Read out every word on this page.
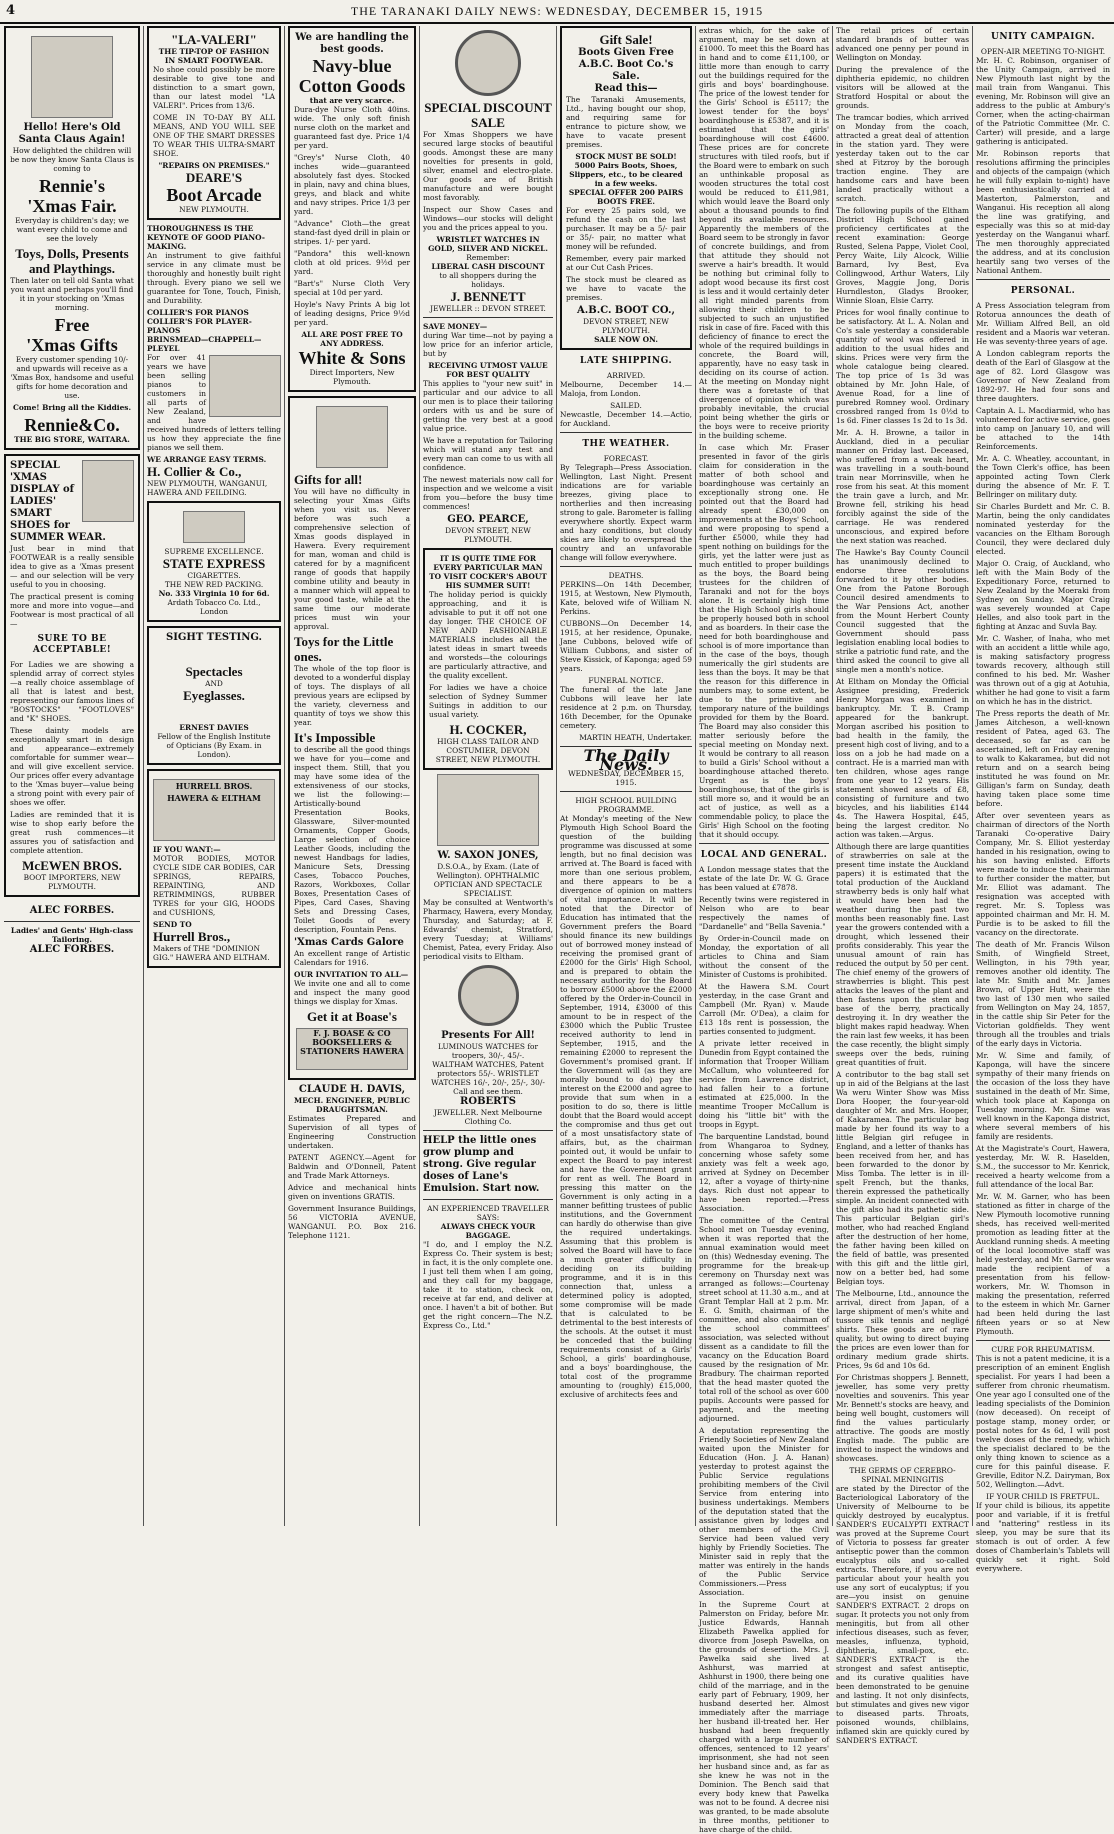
4	THE TARANAKI DAILY NEWS: WEDNESDAY, DECEMBER 15, 1915
Hello! Here's Old Santa Claus Again!

How delighted the children will be now they know Santa Claus is coming to

Rennie's
'Xmas Fair.

Everyday is children's day; we want every child to come and see the lovely

Toys, Dolls, Presents and Playthings.

Then later on tell old Santa what you want and perhaps you'll find it in your stocking on 'Xmas morning.

Free
'Xmas Gifts

Every customer spending 10/- and upwards will receive as a 'Xmas Box, handsome and useful gifts for home decoration and use.

Come! Bring all the Kiddies.

Rennie&Co.
THE BIG STORE, WAITARA.
SPECIAL 'XMAS DISPLAY of LADIES' SMART SHOES for SUMMER WEAR.

Just bear in mind that FOOTWEAR is a really sensible idea to give as a 'Xmas present — and our selection will be very useful to you in choosing.

The practical present is coming more and more into vogue—and Footwear is most practical of all—

SURE TO BE ACCEPTABLE!

For Ladies we are showing a splendid array of correct styles—a really choice assemblage of all that is latest and best, representing our famous lines of "BOSTOCKS" "FOOTLOVES" and "K" SHOES.

These dainty models are exceptionally smart in design and appearance—extremely comfortable for summer wear—and will give excellent service. Our prices offer every advantage to the 'Xmas buyer—value being a strong point with every pair of shoes we offer.

Ladies are reminded that it is wise to shop early before the great rush commences—it assures you of satisfaction and complete attention.

McEWEN BROS.
BOOT IMPORTERS, NEW PLYMOUTH.
ALEC FORBES.
Ladies' and Gents' High-class Tailoring.
ALEC FORBES.
"LA-VALERI"
THE TIP-TOP OF FASHION IN SMART FOOTWEAR.

No shoe could possibly be more desirable to give tone and distinction to a smart gown, than our latest model "LA VALERI". Prices from 13/6.

COME IN TO-DAY BY ALL MEANS, AND YOU WILL SEE ONE OF THE SMART DRESSES TO WEAR THIS ULTRA-SMART SHOE.

"REPAIRS ON PREMISES."
DEARE'S
Boot Arcade
NEW PLYMOUTH.
THOROUGHNESS IS THE KEYNOTE OF GOOD PIANO-MAKING.

An instrument to give faithful service in any climate must be thoroughly and honestly built right through. Every piano we sell we guarantee for Tone, Touch, Finish, and Durability.

COLLIER'S FOR PIANOS
COLLIER'S FOR PLAYER-PIANOS
BRINSMEAD—CHAPPELL—PLEYEL

For over 41 years we have been selling pianos to customers in all parts of New Zealand, and have received hundreds of letters telling us how they appreciate the fine pianos we sell them.

WE ARRANGE EASY TERMS.
H. Collier & Co.,
NEW PLYMOUTH, WANGANUI, HAWERA AND FEILDING.
SUPREME EXCELLENCE.
STATE EXPRESS
CIGARETTES.
THE NEW RED PACKING.
No. 333 Virginia 10 for 6d.
Ardath Tobacco Co. Ltd., London
SIGHT TESTING.
Spectacles
AND
Eyeglasses.
ERNEST DAVIES
Fellow of the English Institute of Opticians (By Exam. in London).
HURRELL BROS. HAWERA & ELTHAM
IF YOU WANT:—

MOTOR BODIES, MOTOR CYCLE SIDE CAR BODIES, CAR SPRINGS, REPAIRS, REPAINTING, AND RETRIMMINGS, RUBBER TYRES for your GIG, HOODS and CUSHIONS,

SEND TO
Hurrell Bros.,
Makers of THE "DOMINION GIG." HAWERA AND ELTHAM.
We are handling the best goods.
Navy-blue Cotton Goods
that are very scarce.

Dura-dye Nurse Cloth 40ins. wide. The only soft finish nurse cloth on the market and guaranteed fast dye. Price 1/4 per yard.

"Grey's" Nurse Cloth, 40 inches wide—guaranteed absolutely fast dyes. Stocked in plain, navy and china blues, greys, and black and white and navy stripes. Price 1/3 per yard.

"Advance" Cloth—the great stand-fast dyed drill in plain or stripes. 1/- per yard.

"Pandora" this well-known cloth at old prices. 9½d per yard.

"Bart's" Nurse Cloth Very special at 10d per yard.

Hoyle's Navy Prints A big lot of leading designs, Price 9½d per yard.

ALL ARE POST FREE TO ANY ADDRESS.
White & Sons
Direct Importers, New Plymouth.
Gifts for all!

You will have no difficulty in selecting your Xmas Gifts when you visit us. Never before was such a comprehensive selection of Xmas goods displayed in Hawera. Every requirement for man, woman and child is catered for by a magnificent range of goods that happily combine utility and beauty in a manner which will appeal to your good taste, while at the same time our moderate prices must win your approval.

Toys for the Little ones.

The whole of the top floor is devoted to a wonderful display of toys. The displays of all previous years are eclipsed by the variety, cleverness and quantity of toys we show this year.

It's Impossible

to describe all the good things we have for you—come and inspect them. Still, that you may have some idea of the extensiveness of our stocks, we list the following:—Artistically-bound Presentation Books, Glassware, Silver-mounted Ornaments, Copper Goods, Large selection of choice Leather Goods, including the newest Handbags for ladies, Manicure Sets, Dressing Cases, Tobacco Pouches, Razors, Workboxes, Collar Boxes, Presentation Cases of Pipes, Card Cases, Shaving Sets and Dressing Cases, Toilet Goods of every description, Fountain Pens.

'Xmas Cards Galore

An excellent range of Artistic Calendars for 1916.

OUR INVITATION TO ALL—

We invite one and all to come and inspect the many good things we display for Xmas.

Get it at Boase's
F. J. BOASE & CO BOOKSELLERS & STATIONERS HAWERA
CLAUDE H. DAVIS,
MECH. ENGINEER, PUBLIC DRAUGHTSMAN.

Estimates Prepared and Supervision of all types of Engineering Construction undertaken.

PATENT AGENCY.—Agent for Baldwin and O'Donnell, Patent and Trade Mark Attorneys.

Advice and mechanical hints given on inventions GRATIS.

Government Insurance Buildings, 56 VICTORIA AVENUE, WANGANUI. P.O. Box 216. Telephone 1121.

SPECIAL DISCOUNT SALE

For Xmas Shoppers we have secured large stocks of beautiful goods. Amongst these are many novelties for presents in gold, silver, enamel and electro-plate. Our goods are of British manufacture and were bought most favorably.

Inspect our Show Cases and Windows—our stocks will delight you and the prices appeal to you.

WRISTLET WATCHES IN GOLD, SILVER AND NICKEL.
Remember:
LIBERAL CASH DISCOUNT
to all shoppers during the holidays.
J. BENNETT
JEWELLER :: DEVON STREET.
SAVE MONEY—

during War time—not by paying a low price for an inferior article, but by

RECEIVING UTMOST VALUE FOR BEST QUALITY

This applies to "your new suit" in particular and our advice to all our men is to place their tailoring orders with us and be sure of getting the very best at a good value price.

We have a reputation for Tailoring which will stand any test and every man can come to us with all confidence.

The newest materials now call for inspection and we welcome a visit from you—before the busy time commences!

GEO. PEARCE,
DEVON STREET, NEW PLYMOUTH.
IT IS QUITE TIME FOR EVERY PARTICULAR MAN TO VISIT COCKER'S ABOUT HIS SUMMER SUIT!

The holiday period is quickly approaching, and it is advisable to put it off not one day longer. THE CHOICE OF NEW AND FASHIONABLE MATERIALS includes all the latest ideas in smart tweeds and worsteds—the colourings are particularly attractive, and the quality excellent.

For ladies we have a choice selection of Sydney Summer Suitings in addition to our usual variety.

H. COCKER,
HIGH CLASS TAILOR AND COSTUMIER, DEVON STREET, NEW PLYMOUTH.
W. SAXON JONES,
D.S.O.A., by Exam. (Late of Wellington). OPHTHALMIC OPTICIAN AND SPECTACLE SPECIALIST.

May be consulted at Wentworth's Pharmacy, Hawera, every Monday, Thursday, and Saturday; at F. Edwards' chemist, Stratford, every Tuesday; at Williams' Chemist, Patea, every Friday. Also periodical visits to Eltham.

Presents For All!
LUMINOUS WATCHES for troopers, 30/-, 45/-.
WALTHAM WATCHES, Patent protectors 55/-. WRISTLET WATCHES 16/-, 20/-, 25/-, 30/- Call and see them.
ROBERTS
JEWELLER. Next Melbourne Clothing Co.
HELP the little ones grow plump and strong. Give regular doses of Lane's Emulsion. Start now.
AN EXPERIENCED TRAVELLER SAYS:
ALWAYS CHECK YOUR BAGGAGE.

"I do, and I employ the N.Z. Express Co. Their system is best; in fact, it is the only complete one. I just tell them when I am going, and they call for my baggage, take it to station, check on, receive at far end, and deliver at once. I haven't a bit of bother. But get the right concern—The N.Z. Express Co., Ltd."

Gift Sale!
Boots Given Free
A.B.C. Boot Co.'s Sale.
Read this—

The Taranaki Amusements, Ltd., having bought our shop, and requiring same for entrance to picture show, we have to vacate present premises.

STOCK MUST BE SOLD! 5000 Pairs Boots, Shoes, Slippers, etc., to be cleared in a few weeks.
SPECIAL OFFER 200 PAIRS BOOTS FREE.

For every 25 pairs sold, we refund the cash on the last purchaser. It may be a 5/- pair or 35/- pair, no matter what money will be refunded.

Remember, every pair marked at our Cut Cash Prices.

The stock must be cleared as we have to vacate the premises.

A.B.C. BOOT CO.,
DEVON STREET, NEW PLYMOUTH.
SALE NOW ON.
LATE SHIPPING.
ARRIVED.

Melbourne, December 14.—Maloja, from London.

SAILED.

Newcastle, December 14.—Actio, for Auckland.

THE WEATHER.
FORECAST.

By Telegraph—Press Association. Wellington, Last Night. Present indications are for variable breezes, giving place to northerlies and then increasing strong to gale. Barometer is falling everywhere shortly. Expect warm and hazy conditions, but cloudy skies are likely to overspread the country and an unfavorable change will follow everywhere.

DEATHS.

PERKINS—On 14th December, 1915, at Westown, New Plymouth, Kate, beloved wife of William N. Perkins.

CUBBONS—On December 14, 1915, at her residence, Opunake, Jane Cubbons, beloved wife of William Cubbons, and sister of Steve Kissick, of Kaponga; aged 59 years.

FUNERAL NOTICE.

The funeral of the late Jane Cubbons will leave her late residence at 2 p.m. on Thursday, 16th December, for the Opunake cemetery.

MARTIN HEATH, Undertaker.
The Daily News.
WEDNESDAY, DECEMBER 15, 1915.
HIGH SCHOOL BUILDING PROGRAMME.

At Monday's meeting of the New Plymouth High School Board the question of the building programme was discussed at some length, but no final decision was arrived at. The Board is faced with more than one serious problem, and there appears to be a divergence of opinion on matters of vital importance. It will be noted that the Director of Education has intimated that the Government prefers the Board should finance its new buildings out of borrowed money instead of receiving the promised grant of £2000 for the Girls' High School, and is prepared to obtain the necessary authority for the Board to borrow £5000 above the £2000 offered by the Order-in-Council in September, 1914, £3000 of this amount to be in respect of the £3000 which the Public Trustee received authority to lend in September, 1915, and the remaining £2000 to represent the Government's promised grant. If the Government will (as they are morally bound to do) pay the interest on the £2000 and agree to provide that sum when in a position to do so, there is little doubt that the Board would accept the compromise and thus get out of a most unsatisfactory state of affairs, but, as the chairman pointed out, it would be unfair to expect the Board to pay interest and have the Government grant for rent as well. The Board in pressing this matter on the Government is only acting in a manner befitting trustees of public institutions, and the Government can hardly do otherwise than give the required undertakings. Assuming that this problem is solved the Board will have to face a much greater difficulty in deciding on its building programme, and it is in this connection that, unless a determined policy is adopted, some compromise will be made that is calculated to be detrimental to the best interests of the schools. At the outset it must be conceded that the building requirements consist of a Girls' School, a girls' boardinghouse, and a boys' boardinghouse, the total cost of the programme amounting to (roughly) £15,000, exclusive of architects fees and

extras which, for the sake of argument, may be set down at £1000. To meet this the Board has in hand and to come £11,100, or little more than enough to carry out the buildings required for the girls and boys' boardinghouse. The price of the lowest tender for the Girls' School is £5117; the lowest tender for the boys' boardinghouse is £5387, and it is estimated that the girls' boardinghouse will cost £4600. These prices are for concrete structures with tiled roofs, but if the Board were to embark on such an unthinkable proposal as wooden structures the total cost would be reduced to £11,981, which would leave the Board only about a thousand pounds to find beyond its available resources. Apparently the members of the Board seem to be strongly in favor of concrete buildings, and from that attitude they should not swerve a hair's breadth. It would be nothing but criminal folly to adopt wood because its first cost is less and it would certainly deter all right minded parents from allowing their children to be subjected to such an unjustified risk in case of fire. Faced with this deficiency of finance to erect the whole of the required buildings in concrete, the Board will, apparently, have no easy task in deciding on its course of action. At the meeting on Monday night there was a foretaste of that divergence of opinion which was probably inevitable, the crucial point being whether the girls or the boys were to receive priority in the building scheme.

In case which Mr. Fraser presented in favor of the girls claim for consideration in the matter of both school and boardinghouse was certainly an exceptionally strong one. He pointed out that the Board had already spent £30,000 on improvements at the Boys' School, and were proposing to spend a further £5000, while they had spent nothing on buildings for the girls, yet the latter were just as much entitled to proper buildings as the boys, the Board being trustees for the children of Taranaki and not for the boys alone. It is certainly high time that the High School girls should be properly housed both in school and as boarders. In their case the need for both boardinghouse and school is of more importance than in the case of the boys, though numerically the girl students are less than the boys. It may be that the reason for this difference in numbers may, to some extent, be due to the primitive and temporary nature of the buildings provided for them by the Board. The Board may also consider this matter seriously before the special meeting on Monday next. It would be contrary to all reason to build a Girls' School without a boardinghouse attached thereto. Urgent as is the boys' boardinghouse, that of the girls is still more so, and it would be an act of justice, as well as a commendable policy, to place the Girls' High School on the footing that it should occupy.

LOCAL AND GENERAL.

A London message states that the estate of the late Dr. W. G. Grace has been valued at £7878.

Recently twins were registered in Nelson who are to bear respectively the names of "Dardanelle" and "Bella Savenia."

By Order-in-Council made on Monday, the exportation of all articles to China and Siam without the consent of the Minister of Customs is prohibited.

At the Hawera S.M. Court yesterday, in the case Grant and Campbell (Mr. Ryan) v. Maude Carroll (Mr. O'Dea), a claim for £13 18s rent is possession, the parties consented to judgment.

A private letter received in Dunedin from Egypt contained the information that Trooper William McCallum, who volunteered for service from Lawrence district, had fallen heir to a fortune estimated at £25,000. In the meantime Trooper McCallum is doing his "little bit" with the troops in Egypt.

The barquentine Landstad, bound from Whangaroa to Sydney, concerning whose safety some anxiety was felt a week ago, arrived at Sydney on December 12, after a voyage of thirty-nine days. Rich dust not appear to have been reported.—Press Association.

The committee of the Central School met on Tuesday evening, when it was reported that the annual examination would meet on (this) Wednesday evening. The programme for the break-up ceremony on Thursday next was arranged as follows:—Courtenay street school at 11.30 a.m., and at Grant Templar Hall at 2 p.m. Mr. E. G. Smith, chairman of the committee, and also chairman of the school committees' association, was selected without dissent as a candidate to fill the vacancy on the Education Board caused by the resignation of Mr. Bradbury. The chairman reported that the head master quoted the total roll of the school as over 600 pupils. Accounts were passed for payment, and the meeting adjourned.

A deputation representing the Friendly Societies of New Zealand waited upon the Minister for Education (Hon. J. A. Hanan) yesterday to protest against the Public Service regulations prohibiting members of the Civil Service from entering into business undertakings. Members of the deputation stated that the assistance given by lodges and other members of the Civil Service had been valued very highly by Friendly Societies. The Minister said in reply that the matter was entirely in the hands of the Public Service Commissioners.—Press Association.

In the Supreme Court at Palmerston on Friday, before Mr. Justice Edwards, Hannah Elizabeth Pawelka applied for divorce from Joseph Pawelka, on the grounds of desertion. Mrs. J. Pawelka said she lived at Ashhurst, was married at Ashhurst in 1900, there being one child of the marriage, and in the early part of February, 1909, her husband deserted her. Almost immediately after the marriage her husband ill-treated her. Her husband had been frequently charged with a large number of offences, sentenced to 12 years' imprisonment, she had not seen her husband since and, as far as she knew he was not in the Dominion. The Bench said that every body knew that Pawelka was not to be found. A decree nisi was granted, to be made absolute in three months, petitioner to have charge of the child.

The retail prices of certain standard brands of butter was advanced one penny per pound in Wellington on Monday.

During the prevalence of the diphtheria epidemic, no children visitors will be allowed at the Stratford Hospital or about the grounds.

The tramcar bodies, which arrived on Monday from the coach, attracted a great deal of attention in the station yard. They were yesterday taken out to the car shed at Fitzroy by the borough traction engine. They are handsome cars and have been landed practically without a scratch.

The following pupils of the Eltham District High School gained proficiency certificates at the recent examination: George Rusted, Selena Pappe, Violet Cool, Percy Waite, Lily Alcock, Willie Barnard, Ivy Best, Eva Collingwood, Arthur Waters, Lily Groves, Maggie Jong, Doris Hurndleston, Gladys Brooker, Winnie Sloan, Elsie Carry.

Prices for wool finally continue to be satisfactory. At L. A. Nolan and Co's sale yesterday a considerable quantity of wool was offered in addition to the usual hides and skins. Prices were very firm the whole catalogue being cleared. The top price of 1s 3d was obtained by Mr. John Hale, of Avenue Road, for a line of purebred Romney wool. Ordinary crossbred ranged from 1s 0½d to 1s 6d. Finer classes 1s 2d to 1s 3d.

Mr. A. H. Browne, a tailor in Auckland, died in a peculiar manner on Friday last. Deceased, who suffered from a weak heart, was travelling in a south-bound train near Morrinsville, when he rose from his seat. At this moment the train gave a lurch, and Mr. Browne fell, striking his head forcibly against the side of the carriage. He was rendered unconscious, and expired before the next station was reached.

The Hawke's Bay County Council has unanimously declined to endorse three resolutions forwarded to it by other bodies. One from the Patone Borough Council desired amendments to the War Pensions Act, another from the Mount Herbert County Council suggested that the Government should pass legislation enabling local bodies to strike a patriotic fund rate, and the third asked the council to give all single men a month's notice.

At Eltham on Monday the Official Assignee presiding, Frederick Henry Morgan was examined in bankruptcy. Mr. T. B. Cramp appeared for the bankrupt. Morgan ascribed his position to bad health in the family, the present high cost of living, and to a loss on a job he had made on a contract. He is a married man with ten children, whose ages range from one year to 12 years. His statement showed assets of £8, consisting of furniture and two bicycles, and his liabilities £144 4s. The Hawera Hospital, £45, being the largest creditor. No action was taken.—Argus.

Although there are large quantities of strawberries on sale at the present time instate the Auckland papers) it is estimated that the total production of the Auckland strawberry beds is only half what it would have been had the weather during the past two months been reasonably fine. Last year the growers contended with a drought, which lessened their profits considerably. This year the unusual amount of rain has reduced the output by 50 per cent. The chief enemy of the growers of strawberries is blight. This pest attacks the leaves of the plant and then fastens upon the stem and base of the berry, practically destroying it. In dry weather the blight makes rapid headway. When the rain last few weeks, it has been the case recently, the blight simply sweeps over the beds, ruining great quantities of fruit.

A contributor to the bag stall set up in aid of the Belgians at the last Wa weru Winter Show was Miss Dora Hooper, the four-year-old daughter of Mr. and Mrs. Hooper, of Kakaramea. The particular bag made by her found its way to a little Belgian girl refugee in England, and a letter of thanks has been received from her, and has been forwarded to the donor by Miss Tomba. The letter is in ill-spelt French, but the thanks, therein expressed the pathetically simple. An incident connected with the gift also had its pathetic side. This particular Belgian girl's mother, who had reached England after the destruction of her home, the father having been killed on the field of battle, was presented with this gift and the little girl, now on a better bed, had some Belgian toys.

The Melbourne, Ltd., announce the arrival, direct from Japan, of a large shipment of men's white and tussore silk tennis and negligé shirts. These goods are of rare quality, but owing to direct buying the prices are even lower than for ordinary medium grade shirts. Prices, 9s 6d and 10s 6d.

For Christmas shoppers J. Bennett, jeweller, has some very pretty novelties and souvenirs. This year Mr. Bennett's stocks are heavy, and being well bought, customers will find the values particularly attractive. The goods are mostly English made. The public are invited to inspect the windows and showcases.

THE GERMS OF CEREBRO-SPINAL MENINGITIS

are stated by the Director of the Bacteriological Laboratory of the University of Melbourne to be quickly destroyed by eucalyptus. SANDER'S EUCALYPTI EXTRACT was proved at the Supreme Court of Victoria to possess far greater antiseptic power than the common eucalyptus oils and so-called extracts. Therefore, if you are not particular about your health you use any sort of eucalyptus; if you are—you insist on genuine SANDER'S EXTRACT. 2 drops on sugar. It protects you not only from meningitis, but from all other infectious diseases, such as fever, measles, influenza, typhoid, diphtheria, small-pox, etc. SANDER'S EXTRACT is the strongest and safest antiseptic, and its curative qualities have been demonstrated to be genuine and lasting. It not only disinfects, but stimulates and gives new vigor to diseased parts. Throats, poisoned wounds, chilblains, inflamed skin are quickly cured by SANDER'S EXTRACT.

UNITY CAMPAIGN.
OPEN-AIR MEETING TO-NIGHT.

Mr. H. C. Robinson, organiser of the Unity Campaign, arrived in New Plymouth last night by the mail train from Wanganui. This evening, Mr. Robinson will give an address to the public at Ambury's Corner, when the acting-chairman of the Patriotic Committee (Mr. C. Carter) will preside, and a large gathering is anticipated.

Mr. Robinson reports that resolutions affirming the principles and objects of the campaign (which he will fully explain to-night) have been enthusiastically carried at Masterton, Palmerston, and Wanganui. His reception all along the line was gratifying, and especially was this so at mid-day yesterday on the Wanganui wharf. The men thoroughly appreciated the address, and at its conclusion heartily sang two verses of the National Anthem.

PERSONAL.

A Press Association telegram from Rotorua announces the death of Mr. William Alfred Bell, an old resident and a Maoris war veteran. He was seventy-three years of age.

A London cablegram reports the death of the Earl of Glasgow at the age of 82. Lord Glasgow was Governor of New Zealand from 1892-97. He had four sons and three daughters.

Captain A. L. Macdiarmid, who has volunteered for active service, goes into camp on January 10, and will be attached to the 14th Reinforcements.

Mr. A. C. Wheatley, accountant, in the Town Clerk's office, has been appointed acting Town Clerk during the absence of Mr. F. T. Bellringer on military duty.

Sir Charles Burdett and Mr. C. B. Martin, being the only candidates nominated yesterday for the vacancies on the Eltham Borough Council, they were declared duly elected.

Major O. Craig, of Auckland, who left with the Main Body of the Expeditionary Force, returned to New Zealand by the Moeraki from Sydney on Sunday. Major Craig was severely wounded at Cape Helles, and also took part in the fighting at Anzac and Suvla Bay.

Mr. C. Washer, of Inaha, who met with an accident a little while ago, is making satisfactory progress towards recovery, although still confined to his bed. Mr. Washer was thrown out of a gig at Aotuhia, whither he had gone to visit a farm on which he has in the district.

The Press reports the death of Mr. James Aitcheson, a well-known resident of Patea, aged 63. The deceased, so far as can be ascertained, left on Friday evening to walk to Kakaramea, but did not return and on a search being instituted he was found on Mr. Gilligan's farm on Sunday, death having taken place some time before.

After over seventeen years as chairman of directors of the North Taranaki Co-operative Dairy Company, Mr. S. Elliot yesterday handed in his resignation, owing to his son having enlisted. Efforts were made to induce the chairman to further consider the matter, but Mr. Elliot was adamant. The resignation was accepted with regret. Mr. S. Topless was appointed chairman and Mr. H. M. Purdie is to be asked to fill the vacancy on the directorate.

The death of Mr. Francis Wilson Smith, of Wingfield Street, Wellington, in his 79th year, removes another old identity. The late Mr. Smith and Mr. James Brown, of Upper Hutt, were the two last of 130 men who sailed from Wellington on May 24, 1857, in the cattle ship Sir Peter for the Victorian goldfields. They went through all the troubles and trials of the early days in Victoria.

Mr. W. Sime and family, of Kaponga, will have the sincere sympathy of their many friends on the occasion of the loss they have sustained in the death of Mr. Sime, which took place at Kaponga on Tuesday morning. Mr. Sime was well known in the Kaponga district, where several members of his family are residents.

At the Magistrate's Court, Hawera, yesterday, Mr. W. R. Haselden, S.M., the successor to Mr. Kenrick, received a hearty welcome from a full attendance of the local Bar.

Mr. W. M. Garner, who has been stationed as fitter in charge of the New Plymouth locomotive running sheds, has received well-merited promotion as leading fitter at the Auckland running sheds. A meeting of the local locomotive staff was held yesterday, and Mr. Garner was made the recipient of a presentation from his fellow-workers, Mr. W. Thomson in making the presentation, referred to the esteem in which Mr. Garner had been held during the last fifteen years or so at New Plymouth.

CURE FOR RHEUMATISM.

This is not a patent medicine, it is a prescription of an eminent English specialist. For years I had been a sufferer from chronic rheumatism. One year ago I consulted one of the leading specialists of the Dominion (now deceased). On receipt of postage stamp, money order, or postal notes for 4s 6d, I will post twelve doses of the remedy, which the specialist declared to be the only thing known to science as a cure for this painful disease. F. Greville, Editor N.Z. Dairyman, Box 502, Wellington.—Advt.

IF YOUR CHILD IS FRETFUL.

If your child is bilious, its appetite poor and variable, if it is fretful and "nattering" restless in its sleep, you may be sure that its stomach is out of order. A few doses of Chamberlain's Tablets will quickly set it right. Sold everywhere.
